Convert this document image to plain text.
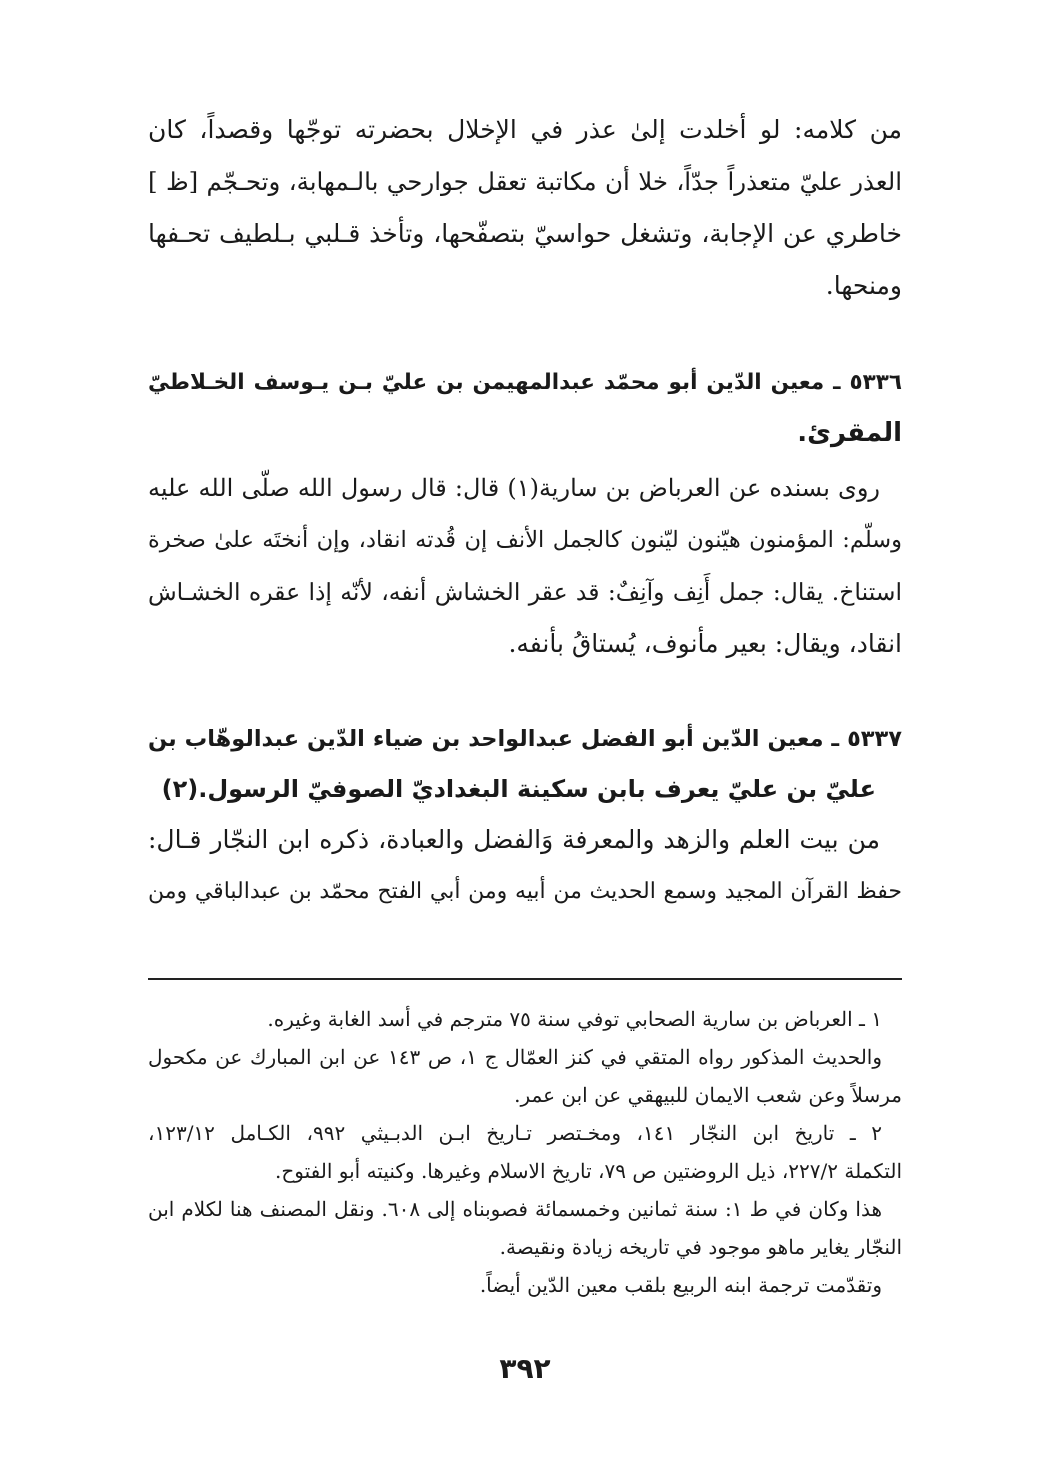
من كلامه: لو أخلدت إلىٰ عذر في الإخلال بحضرته توجّها وقصداً، كان
العذر عليّ متعذراً جدّاً، خلا أن مكاتبة تعقل جوارحي بالـمهابة، وتحـجّم [ظ ]
خاطري عن الإجابة، وتشغل حواسيّ بتصفّحها، وتأخذ قـلبي بـلطيف تحـفها
ومنحها.

٥٣٣٦ ـ معين الدّين أبو محمّد عبدالمهيمن بن عليّ بـن يـوسف الخـلاطيّ
المقرئ.

روى بسنده عن العرباض بن سارية(١) قال: قال رسول الله صلّى الله عليه
وسلّم: المؤمنون هيّنون ليّنون كالجمل الأنف إن قُدته انقاد، وإن أنختَه علىٰ صخرة
استناخ. يقال: جمل أَنِف وآنِفٌ: قد عقر الخشاش أنفه، لأنّه إذا عقره الخشـاش
انقاد، ويقال: بعير مأنوف، يُستاقُ بأنفه.

٥٣٣٧ ـ معين الدّين أبو الفضل عبدالواحد بن ضياء الدّين عبدالوهّاب بن
عليّ بن عليّ يعرف بابن سكينة البغداديّ الصوفيّ الرسول.(٢)

من بيت العلم والزهد والمعرفة وَالفضل والعبادة، ذكره ابن النجّار قـال:
حفظ القرآن المجيد وسمع الحديث من أبيه ومن أبي الفتح محمّد بن عبدالباقي ومن

١ ـ العرباض بن سارية الصحابي توفي سنة ٧٥ مترجم في أسد الغابة وغيره.

والحديث المذكور رواه المتقي في كنز العمّال ج ١، ص ١٤٣ عن ابن المبارك عن مكحول
مرسلاً وعن شعب الايمان للبيهقي عن ابن عمر.

٢ ـ تاريخ ابن النجّار ١٤١، ومخـتصر تـاريخ ابـن الدبـيثي ٩٩٢، الكـامل ١٢٣/١٢،
التكملة ٢٢٧/٢، ذيل الروضتين ص ٧٩، تاريخ الاسلام وغيرها. وكنيته أبو الفتوح.

هذا وكان في ط ١: سنة ثمانين وخمسمائة فصوبناه إلى ٦٠٨. ونقل المصنف هنا لكلام ابن
النجّار يغاير ماهو موجود في تاريخه زيادة ونقيصة.

وتقدّمت ترجمة ابنه الربيع بلقب معين الدّين أيضاً.

٣٩٢
